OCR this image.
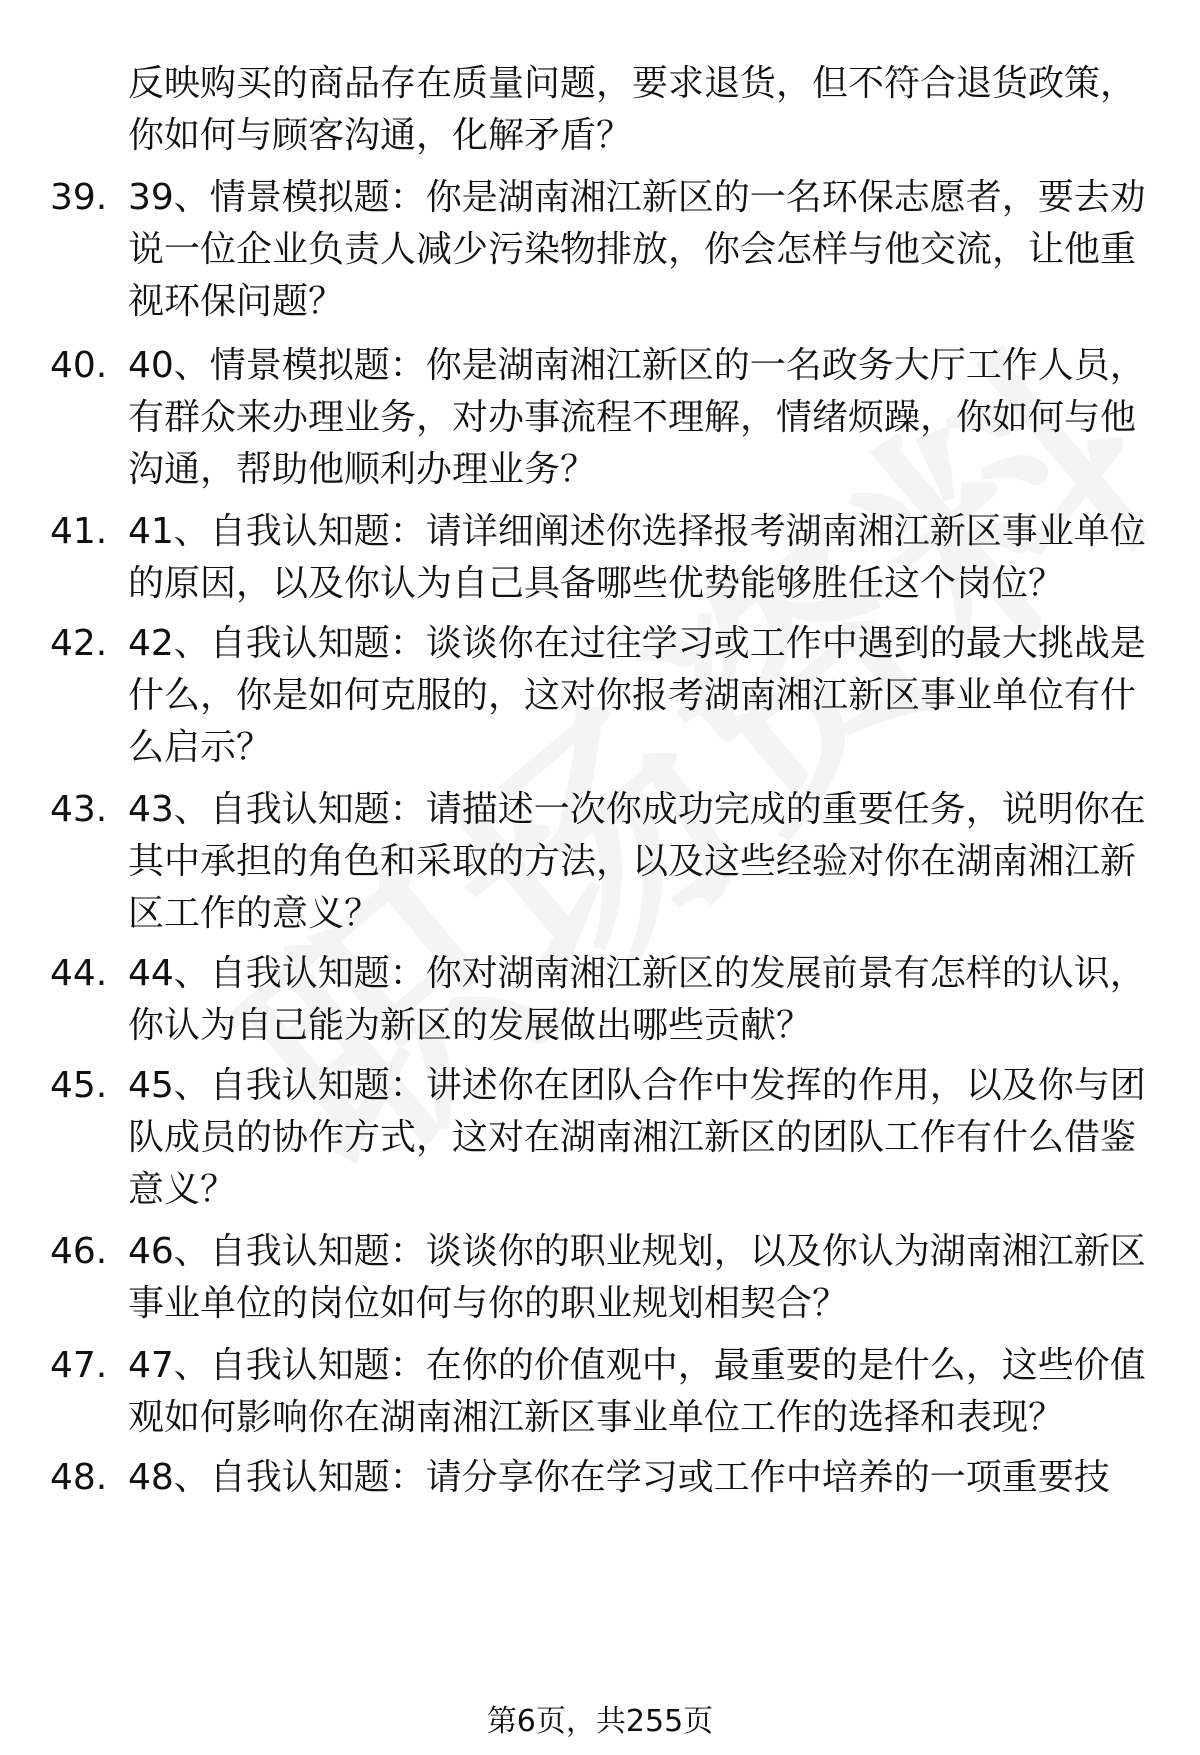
反映购买的商品存在质量问题，要求退货，但不符合退货政策，你如何与顾客沟通，化解矛盾？
39. 39、情景模拟题：你是湖南湘江新区的一名环保志愿者，要去劝说一位企业负责人减少污染物排放，你会怎样与他交流，让他重视环保问题？
40. 40、情景模拟题：你是湖南湘江新区的一名政务大厅工作人员，有群众来办理业务，对办事流程不理解，情绪烦躁，你如何与他沟通，帮助他顺利办理业务？
41. 41、自我认知题：请详细阐述你选择报考湖南湘江新区事业单位的原因，以及你认为自己具备哪些优势能够胜任这个岗位？
42. 42、自我认知题：谈谈你在过往学习或工作中遇到的最大挑战是什么，你是如何克服的，这对你报考湖南湘江新区事业单位有什么启示？
43. 43、自我认知题：请描述一次你成功完成的重要任务，说明你在其中承担的角色和采取的方法，以及这些经验对你在湖南湘江新区工作的意义？
44. 44、自我认知题：你对湖南湘江新区的发展前景有怎样的认识，你认为自己能为新区的发展做出哪些贡献？
45. 45、自我认知题：讲述你在团队合作中发挥的作用，以及你与团队成员的协作方式，这对在湖南湘江新区的团队工作有什么借鉴意义？
46. 46、自我认知题：谈谈你的职业规划，以及你认为湖南湘江新区事业单位的岗位如何与你的职业规划相契合？
47. 47、自我认知题：在你的价值观中，最重要的是什么，这些价值观如何影响你在湖南湘江新区事业单位工作的选择和表现？
48. 48、自我认知题：请分享你在学习或工作中培养的一项重要技
第6页，共255页
